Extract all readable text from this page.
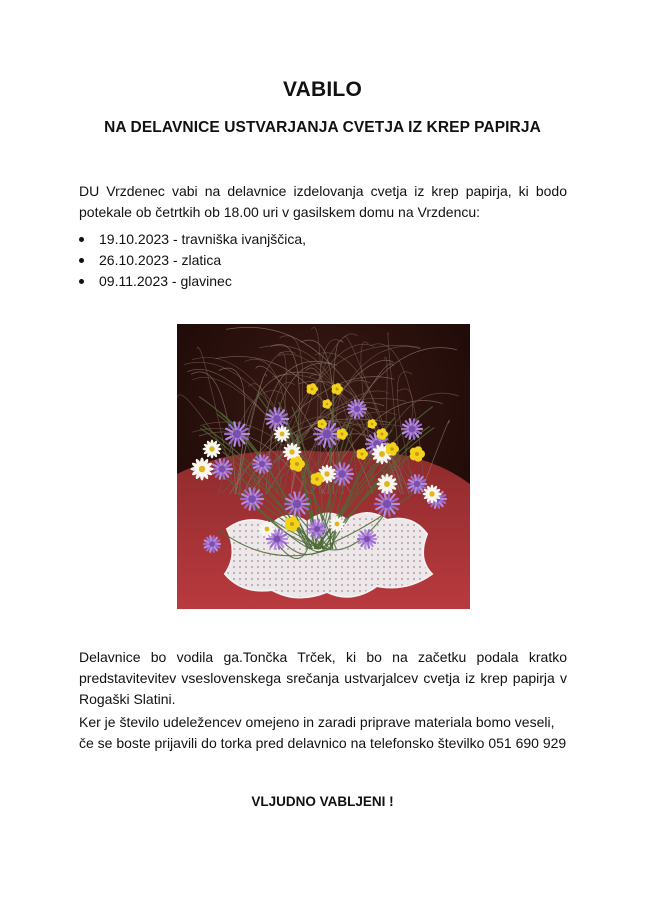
VABILO
NA DELAVNICE USTVARJANJA CVETJA IZ KREP PAPIRJA
DU Vrzdenec vabi na delavnice izdelovanja cvetja iz krep papirja, ki bodo potekale ob četrtkih ob 18.00 uri v gasilskem domu na Vrzdencu:
19.10.2023 - travniška ivanjščica,
26.10.2023 - zlatica
09.11.2023 - glavinec
Delavnice bo vodila ga.Tončka Trček, ki bo na začetku podala kratko predstavitevitev vseslovenskega srečanja ustvarjalcev cvetja iz krep papirja v Rogaški Slatini.
Ker je število udeležencev omejeno in zaradi priprave materiala bomo veseli, če se boste prijavili do torka pred delavnico na telefonsko številko 051 690 929
VLJUDNO VABLJENI !
